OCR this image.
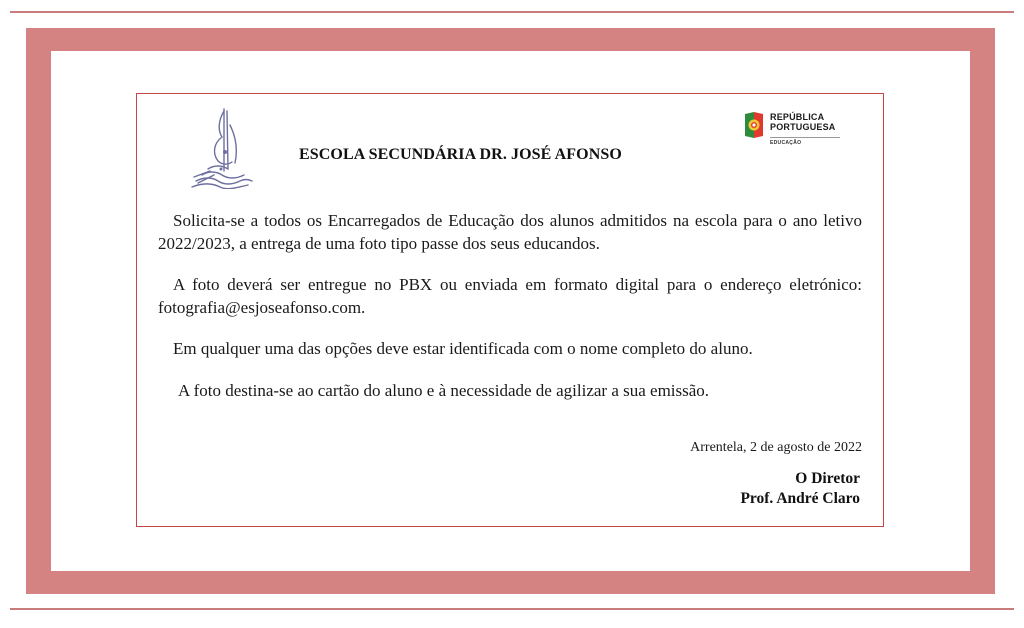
REPÚBLICA
PORTUGUESA
EDUCAÇÃO
ESCOLA SECUNDÁRIA DR. JOSÉ AFONSO

Solicita-se a todos os Encarregados de Educação dos alunos admitidos na escola para o ano letivo 2022/2023, a entrega de uma foto tipo passe dos seus educandos.

A foto deverá ser entregue no PBX ou enviada em formato digital para o endereço eletrónico: fotografia@esjoseafonso.com.

Em qualquer uma das opções deve estar identificada com o nome completo do aluno.

A foto destina-se ao cartão do aluno e à necessidade de agilizar a sua emissão.

Arrentela, 2 de agosto de 2022
O Diretor
Prof. André Claro
